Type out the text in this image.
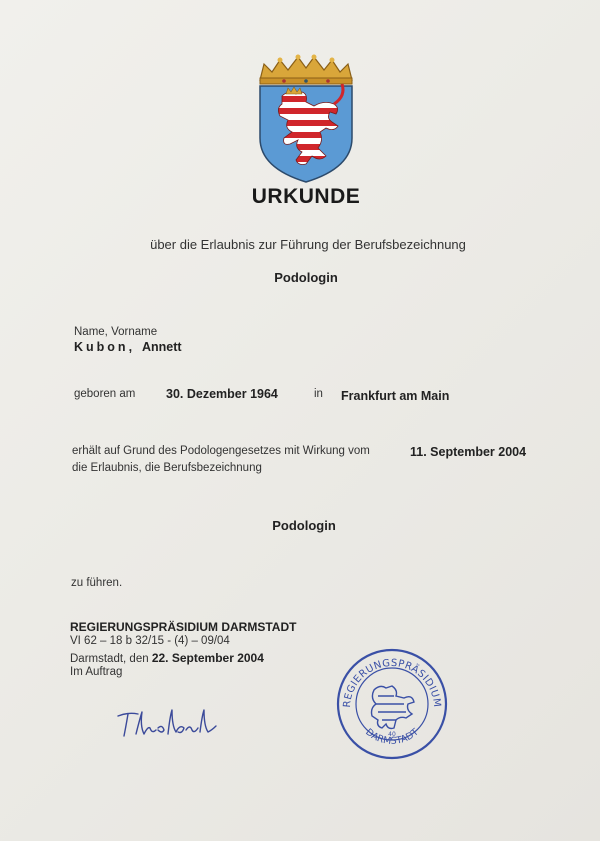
URKUNDE
über die Erlaubnis zur Führung der Berufsbezeichnung
Podologin
Name, Vorname
Kubon, Annett
geboren am 30. Dezember 1964	in Frankfurt am Main
erhält auf Grund des Podologengesetzes mit Wirkung vom	11. September 2004
die Erlaubnis, die Berufsbezeichnung
Podologin
zu führen.
REGIERUNGSPRÄSIDIUM DARMSTADT
VI 62 – 18 b 32/15 - (4) – 09/04
Darmstadt, den 22. September 2004
Im Auftrag
REGIERUNGSPRÄSIDIUM
DARMSTADT
40
